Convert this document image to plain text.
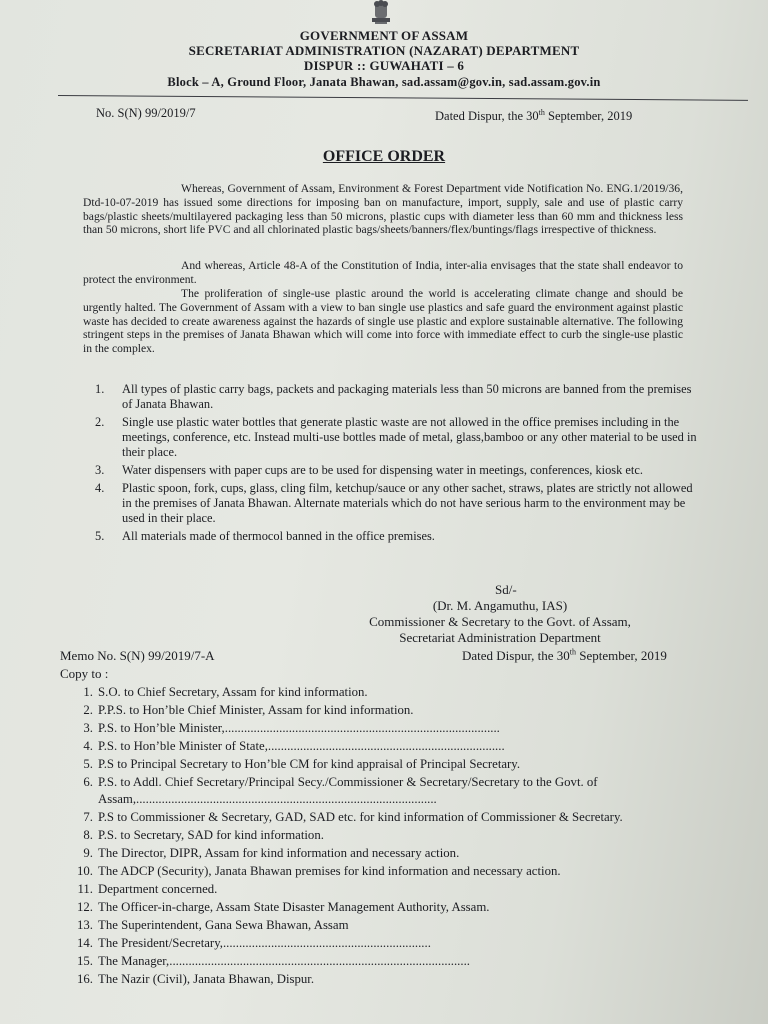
GOVERNMENT OF ASSAM
SECRETARIAT ADMINISTRATION (NAZARAT) DEPARTMENT
DISPUR :: GUWAHATI – 6
Block – A, Ground Floor, Janata Bhawan, sad.assam@gov.in, sad.assam.gov.in
No. S(N) 99/2019/7	Dated Dispur, the 30th September, 2019
OFFICE ORDER

Whereas, Government of Assam, Environment & Forest Department vide Notification No. ENG.1/2019/36, Dtd-10-07-2019 has issued some directions for imposing ban on manufacture, import, supply, sale and use of plastic carry bags/plastic sheets/multilayered packaging less than 50 microns, plastic cups with diameter less than 60 mm and thickness less than 50 microns, short life PVC and all chlorinated plastic bags/sheets/banners/flex/buntings/flags irrespective of thickness.

And whereas, Article 48-A of the Constitution of India, inter-alia envisages that the state shall endeavor to protect the environment.

The proliferation of single-use plastic around the world is accelerating climate change and should be urgently halted. The Government of Assam with a view to ban single use plastics and safe guard the environment against plastic waste has decided to create awareness against the hazards of single use plastic and explore sustainable alternative. The following stringent steps in the premises of Janata Bhawan which will come into force with immediate effect to curb the single-use plastic in the complex.

1. All types of plastic carry bags, packets and packaging materials less than 50 microns are banned from the premises of Janata Bhawan.
2. Single use plastic water bottles that generate plastic waste are not allowed in the office premises including in the meetings, conference, etc. Instead multi-use bottles made of metal, glass,bamboo or any other material to be used in their place.
3. Water dispensers with paper cups are to be used for dispensing water in meetings, conferences, kiosk etc.
4. Plastic spoon, fork, cups, glass, cling film, ketchup/sauce or any other sachet, straws, plates are strictly not allowed in the premises of Janata Bhawan. Alternate materials which do not have serious harm to the environment may be used in their place.
5. All materials made of thermocol banned in the office premises.
Sd/-
(Dr. M. Angamuthu, IAS)
Commissioner & Secretary to the Govt. of Assam,
Secretariat Administration Department
Memo No. S(N) 99/2019/7-A	Dated Dispur, the 30th September, 2019
Copy to :
1. S.O. to Chief Secretary, Assam for kind information.
2. P.P.S. to Hon’ble Chief Minister, Assam for kind information.
3. P.S. to Hon’ble Minister,......................................................................................
4. P.S. to Hon’ble Minister of State,..........................................................................
5. P.S to Principal Secretary to Hon’ble CM for kind appraisal of Principal Secretary.
6. P.S. to Addl. Chief Secretary/Principal Secy./Commissioner & Secretary/Secretary to the Govt. of Assam,..............................................................................................
7. P.S to Commissioner & Secretary, GAD, SAD etc. for kind information of Commissioner & Secretary.
8. P.S. to Secretary, SAD for kind information.
9. The Director, DIPR, Assam for kind information and necessary action.
10. The ADCP (Security), Janata Bhawan premises for kind information and necessary action.
11. Department concerned.
12. The Officer-in-charge, Assam State Disaster Management Authority, Assam.
13. The Superintendent, Gana Sewa Bhawan, Assam
14. The President/Secretary,.................................................................
15. The Manager,..............................................................................................
16. The Nazir (Civil), Janata Bhawan, Dispur.
